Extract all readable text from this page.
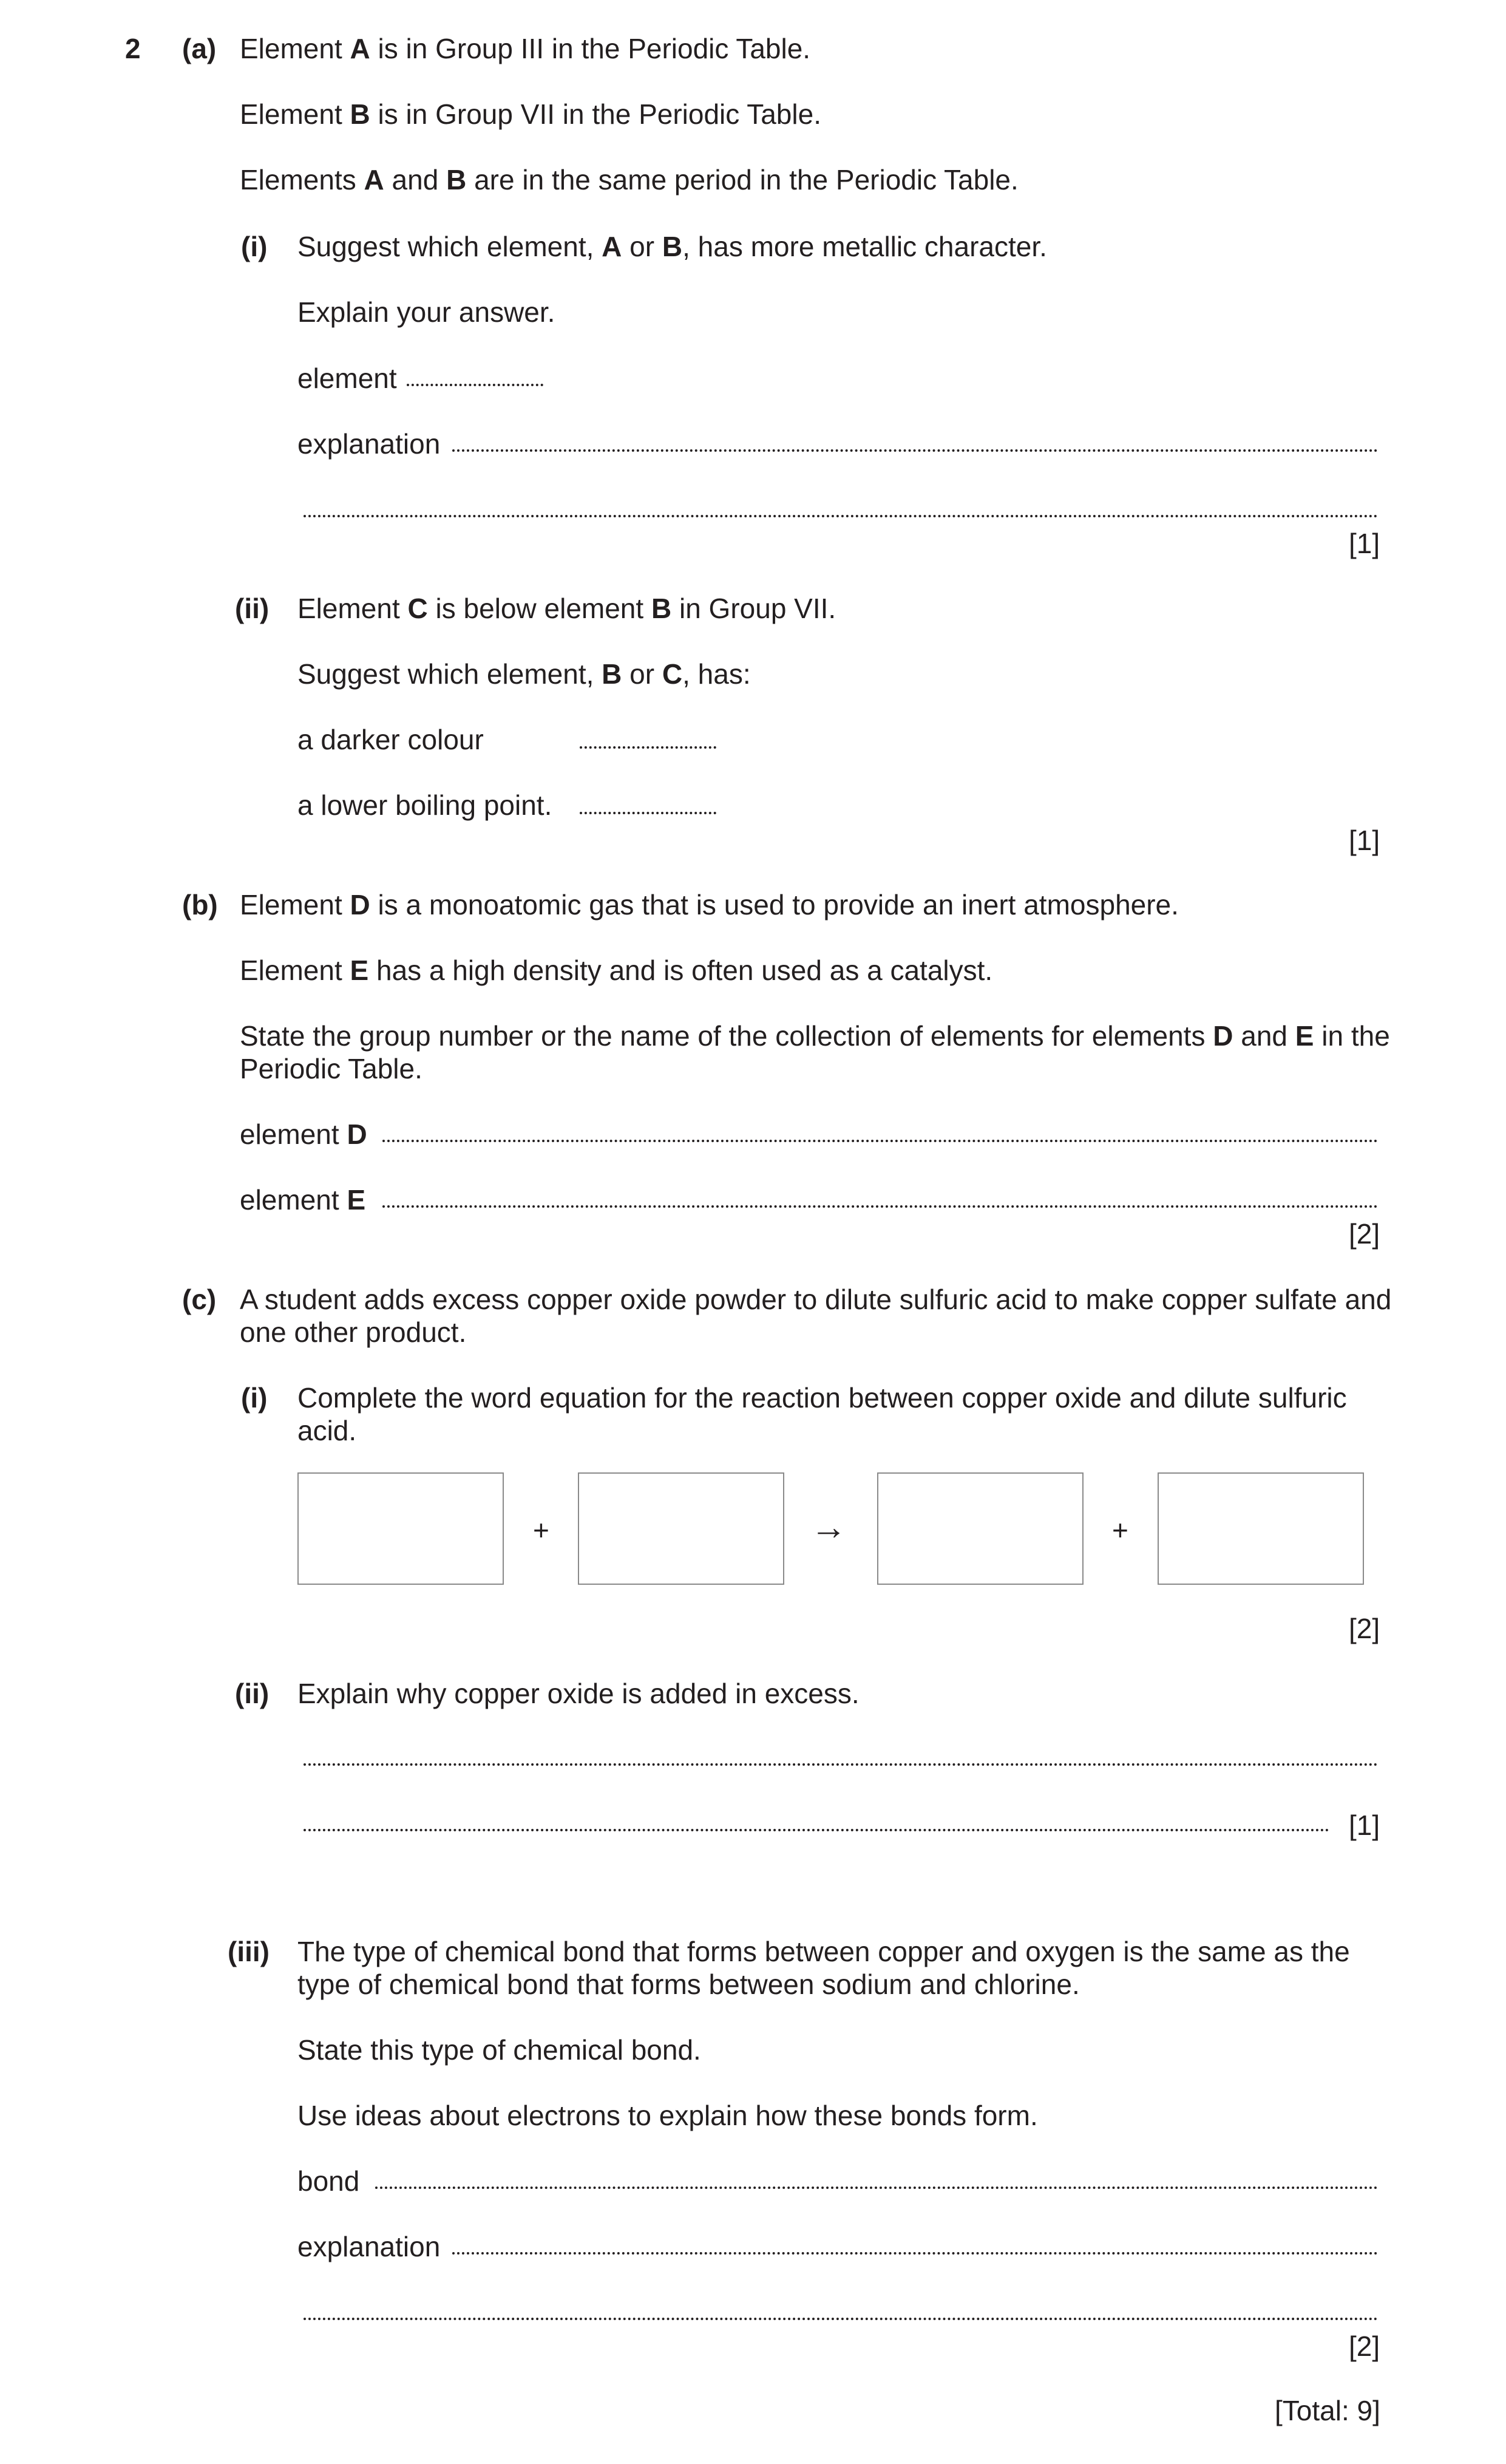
2 (a) Element A is in Group III in the Periodic Table.
Element B is in Group VII in the Periodic Table.
Elements A and B are in the same period in the Periodic Table.
(i) Suggest which element, A or B, has more metallic character.
Explain your answer.
element
explanation
[1]
(ii) Element C is below element B in Group VII.
Suggest which element, B or C, has:
a darker colour
a lower boiling point.
[1]
(b) Element D is a monoatomic gas that is used to provide an inert atmosphere.
Element E has a high density and is often used as a catalyst.
State the group number or the name of the collection of elements for elements D and E in the
Periodic Table.
element D
element E
[2]
(c) A student adds excess copper oxide powder to dilute sulfuric acid to make copper sulfate and
one other product.
(i) Complete the word equation for the reaction between copper oxide and dilute sulfuric
acid.
+	→	+
[2]
(ii) Explain why copper oxide is added in excess.
[1]
(iii) The type of chemical bond that forms between copper and oxygen is the same as the
type of chemical bond that forms between sodium and chlorine.
State this type of chemical bond.
Use ideas about electrons to explain how these bonds form.
bond
explanation
[2]
[Total: 9]
